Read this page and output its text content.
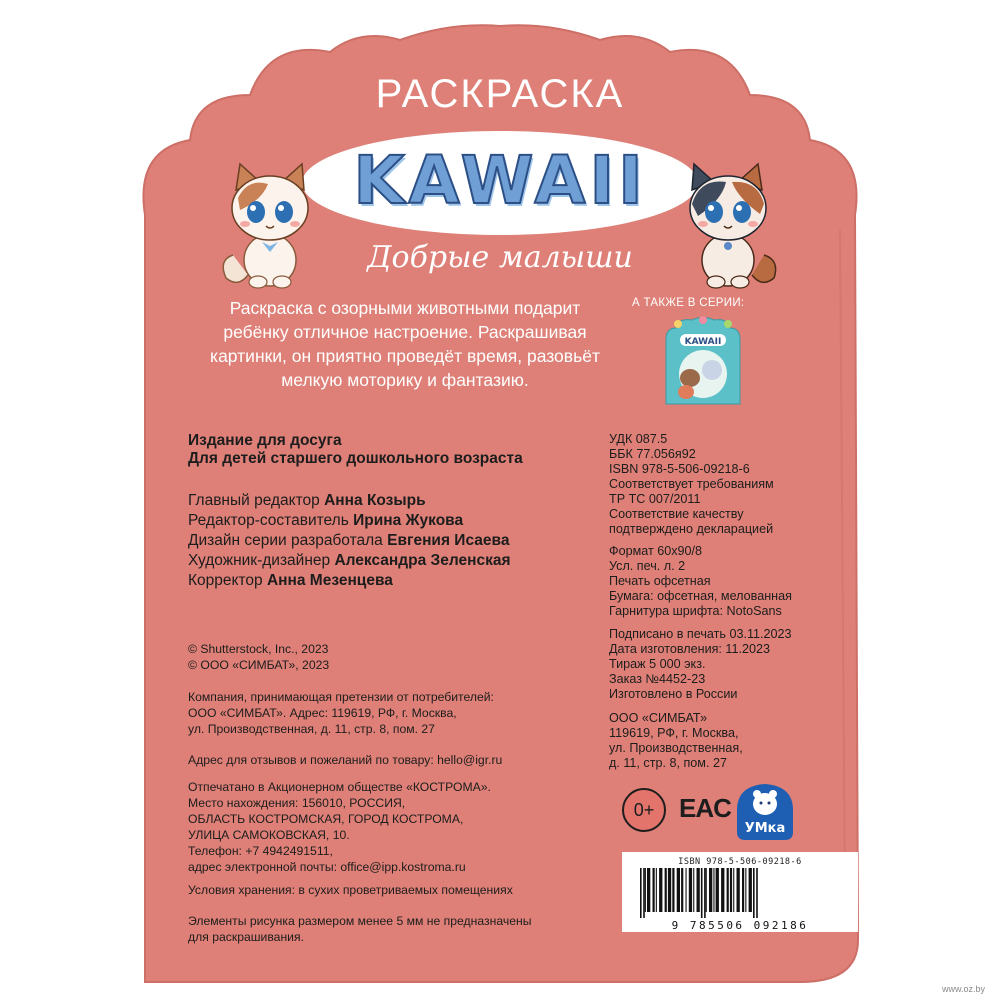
РАСКРАСКА
KAWAII
Добрые малыши
Раскраска с озорными животными подарит
ребёнку отличное настроение. Раскрашивая
картинки, он приятно проведёт время, разовьёт
мелкую моторику и фантазию.
А ТАКЖЕ В СЕРИИ:
KAWAII
Издание для досуга
Для детей старшего дошкольного возраста
Главный редактор Анна Козырь
Редактор-составитель Ирина Жукова
Дизайн серии разработала Евгения Исаева
Художник-дизайнер Александра Зеленская
Корректор Анна Мезенцева
© Shutterstock, Inc., 2023
© ООО «СИМБАТ», 2023
Компания, принимающая претензии от потребителей:
ООО «СИМБАТ». Адрес: 119619, РФ, г. Москва,
ул. Производственная, д. 11, стр. 8, пом. 27
Адрес для отзывов и пожеланий по товару: hello@igr.ru
Отпечатано в Акционерном обществе «КОСТРОМА».
Место нахождения: 156010, РОССИЯ,
ОБЛАСТЬ КОСТРОМСКАЯ, ГОРОД КОСТРОМА,
УЛИЦА САМОКОВСКАЯ, 10.
Телефон: +7 4942491511,
адрес электронной почты: office@ipp.kostroma.ru
Условия хранения: в сухих проветриваемых помещениях
Элементы рисунка размером менее 5 мм не предназначены
для раскрашивания.
УДК 087.5
ББК 77.056я92
ISBN 978-5-506-09218-6
Соответствует требованиям
ТР ТС 007/2011
Соответствие качеству
подтверждено декларацией
Формат 60х90/8
Усл. печ. л. 2
Печать офсетная
Бумага: офсетная, мелованная
Гарнитура шрифта: NotoSans
Подписано в печать 03.11.2023
Дата изготовления: 11.2023
Тираж 5 000 экз.
Заказ №4452-23
Изготовлено в России
ООО «СИМБАТ»
119619, РФ, г. Москва,
ул. Производственная,
д. 11, стр. 8, пом. 27
0+ EAC
УМка
ISBN 978-5-506-09218-6
9 785506 092186
www.oz.by
